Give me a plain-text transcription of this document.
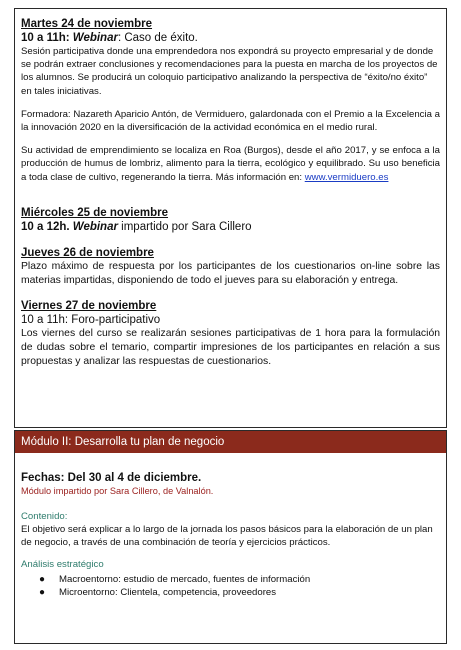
Martes 24 de noviembre

10 a 11h: Webinar: Caso de éxito.

Sesión participativa donde una emprendedora nos expondrá su proyecto empresarial y de donde se podrán extraer conclusiones y recomendaciones para la puesta en marcha de los proyectos de los alumnos. Se producirá un coloquio participativo analizando la perspectiva de “éxito/no éxito” en tales iniciativas.

Formadora: Nazareth Aparicio Antón, de Vermiduero, galardonada con el Premio a la Excelencia a la innovación 2020 en la diversificación de la actividad económica en el medio rural.

Su actividad de emprendimiento se localiza en Roa (Burgos), desde el año 2017, y se enfoca a la producción de humus de lombriz, alimento para la tierra, ecológico y equilibrado. Su uso beneficia a toda clase de cultivo, regenerando la tierra. Más información en: www.vermiduero.es

Miércoles 25 de noviembre

10 a 12h. Webinar impartido por Sara Cillero

Jueves 26 de noviembre

Plazo máximo de respuesta por los participantes de los cuestionarios on-line sobre las materias impartidas, disponiendo de todo el jueves para su elaboración y entrega.

Viernes 27 de noviembre

10 a 11h: Foro-participativo

Los viernes del curso se realizarán sesiones participativas de 1 hora para la formulación de dudas sobre el temario, compartir impresiones de los participantes en relación a sus propuestas y analizar las respuestas de cuestionarios.

Módulo II: Desarrolla tu plan de negocio
Fechas: Del 30 al 4 de diciembre.
Módulo impartido por Sara Cillero, de Valnalón.
Contenido:

El objetivo será explicar a lo largo de la jornada los pasos básicos para la elaboración de un plan de negocio, a través de una combinación de teoría y ejercicios prácticos.

Análisis estratégico
● Macroentorno: estudio de mercado, fuentes de información
● Microentorno: Clientela, competencia, proveedores
